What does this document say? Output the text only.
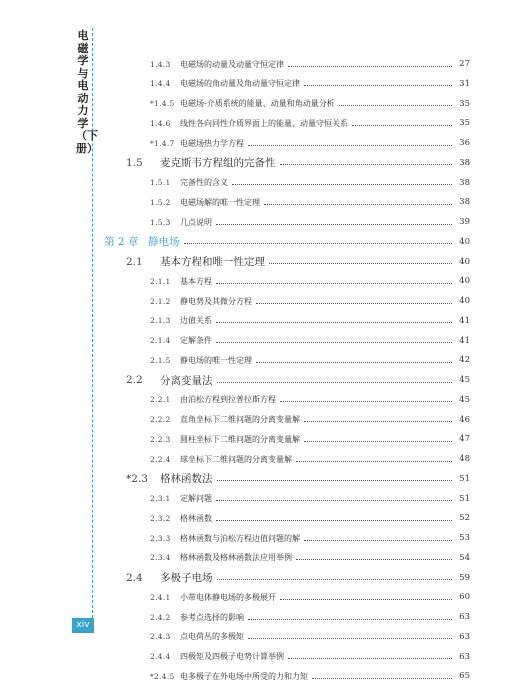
电磁学与电动力学（下册）
xiv
1.4.3	电磁场的动量及动量守恒定律	27
1.4.4	电磁场的角动量及角动量守恒定律	31
*1.4.5 电磁场-介质系统的能量、动量和角动量分析	35
1.4.6	线性各向同性介质界面上的能量、动量守恒关系	35
*1.4.7 电磁场热力学方程	36
1.5	麦克斯韦方程组的完备性	38
1.5.1	完备性的含义	38
1.5.2	电磁场解的唯一性定理	38
1.5.3	几点说明	39
第 2 章 静电场	40
2.1	基本方程和唯一性定理	40
2.1.1	基本方程	40
2.1.2	静电势及其微分方程	40
2.1.3	边值关系	41
2.1.4	定解条件	41
2.1.5	静电场的唯一性定理	42
2.2	分离变量法	45
2.2.1	由泊松方程到拉普拉斯方程	45
2.2.2	直角坐标下二维问题的分离变量解	46
2.2.3	圆柱坐标下二维问题的分离变量解	47
2.2.4	球坐标下二维问题的分离变量解	48
*2.3	格林函数法	51
2.3.1	定解问题	51
2.3.2	格林函数	52
2.3.3	格林函数与泊松方程边值问题的解	53
2.3.4	格林函数及格林函数法应用举例	54
2.4	多极子电场	59
2.4.1	小带电体静电场的多极展开	60
2.4.2	参考点选择的影响	63
2.4.3	点电荷丛的多极矩	63
2.4.4	四极矩及四极子电势计算举例	63
*2.4.5 电多极子在外电场中所受的力和力矩	65
